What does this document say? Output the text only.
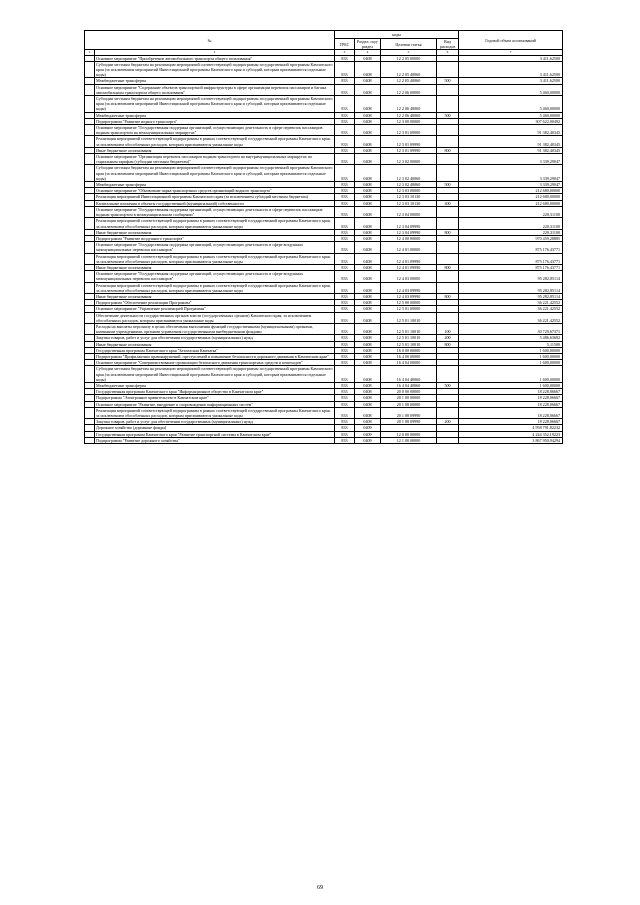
№		коды				Годовой объем ассигнований
		ГРБС	Раздел, под-раздел	Целевая статья	Вид расходов	
1	2	3	4	5	6	7
	Основное мероприятие "Приобретение автомобильного транспорта общего пользования"	833	0408	12 2 05 00000		3 411,62500
	Субсидии местным бюджетам на реализацию мероприятий соответствующей подпрограммы государственной программы Камчатского края (за исключением мероприятий Инвестиционной программы Камчатского края и субсидий, которым присваиваются отдельные коды)	833	0408	12 2 05 40060		3 411,62500
	Межбюджетные трансферты	833	0408	12 2 05 40060	500	3 411,62500
	Основное мероприятие "Содержание объектов транспортной инфраструктуры в сфере организации перевозок пассажиров и багажа автомобильным транспортом общего пользования"	833	0408	12 2 06 00000		5 460,00000
	Субсидии местным бюджетам на реализацию мероприятий соответствующей подпрограммы государственной программы Камчатского края (за исключением мероприятий Инвестиционной программы Камчатского края и субсидий, которым присваиваются отдельные коды)	833	0408	12 2 06 40060		5 460,00000
	Межбюджетные трансферты	833	0408	12 2 06 40060	500	5 460,00000
	Подпрограмма "Развитие водного транспорта"	833	0408	12 3 00 00000		307 622,00492
	Основное мероприятие "Государственная поддержка организаций, осуществляющих деятельность в сфере перевозок пассажиров водным транспортом на межмуниципальных маршрутах"	833	0408	12 3 01 00000		91 382,40345
	Реализация мероприятий соответствующей подпрограммы в рамках соответствующей государственной программы Камчатского края, за исключением обособленных расходов, которым присваиваются уникальные коды	833	0408	12 3 01 09990		91 382,40345
	Иные бюджетные ассигнования	833	0408	12 3 01 09990	800	91 382,40345
	Основное мероприятие "Организация перевозок пассажиров водным транспортом на внутримуниципальных маршрутах по социальным тарифам (субсидии местным бюджетам)"	833	0408	12 3 02 00000		3 339,29047
	Субсидии местным бюджетам на реализацию мероприятий соответствующей подпрограммы государственной программы Камчатского края (за исключением мероприятий Инвестиционной программы Камчатского края и субсидий, которым присваиваются отдельные коды)	833	0408	12 3 02 40060		3 339,29047
	Межбюджетные трансферты	833	0408	12 3 02 40060	500	3 339,29047
	Основное мероприятие "Обновление парка транспортных средств организаций водного транспорта"	833	0408	12 3 03 00000		212 680,00000
	Реализация мероприятий Инвестиционной программы Камчатского края (за исключением субсидий местным бюджетам)	833	0408	12 3 03 10130		212 680,00000
	Капитальные вложения в объекты государственной (муниципальной) собственности	833	0408	12 3 03 10130	400	212 680,00000
	Основное мероприятие "Государственная поддержка организаций, осуществляющих деятельность в сфере перевозок пассажиров водным транспортом в межмуниципальном сообщении"	833	0408	12 3 04 00000		220,31100
	Реализация мероприятий соответствующей подпрограммы в рамках соответствующей государственной программы Камчатского края, за исключением обособленных расходов, которым присваиваются уникальные коды	833	0408	12 3 04 09990		220,31100
	Иные бюджетные ассигнования	833	0408	12 3 04 09990	800	220,31100
	Подпрограмма "Развитие воздушного транспорта"	833	0408	12 4 00 00000		970 459,28885
	Основное мероприятие "Государственная поддержка организаций, осуществляющих деятельность в сфере воздушных межмуниципальных перевозок пассажиров"	833	0408	12 4 01 00000		875 176,43771
	Реализация мероприятий соответствующей подпрограммы в рамках соответствующей государственной программы Камчатского края, за исключением обособленных расходов, которым присваиваются уникальные коды	833	0408	12 4 01 09990		875 176,43771
	Иные бюджетные ассигнования	833	0408	12 4 01 09990	800	875 176,43771
	Основное мероприятие "Государственная поддержка организаций, осуществляющих деятельность в сфере воздушных межмуниципальных перевозок пассажиров"	833	0408	12 4 03 00000		95 282,85114
	Реализация мероприятий соответствующей подпрограммы в рамках соответствующей государственной программы Камчатского края, за исключением обособленных расходов, которым присваиваются уникальные коды	833	0408	12 4 03 09990		95 282,85114
	Иные бюджетные ассигнования	833	0408	12 4 03 09990	800	95 282,85114
	Подпрограмма "Обеспечение реализации Программы"	833	0408	12 5 00 00000		36 221,42552
	Основное мероприятие "Управление реализацией Программы"	833	0408	12 5 01 00000		36 221,42552
	Обеспечение деятельности государственных органов власти (государственных органов) Камчатского края, за исключением обособленных расходов, которым присваиваются уникальные коды	833	0408	12 5 01 10010		36 221,42552
	Расходы на выплаты персоналу в целях обеспечения выполнения функций государственными (муниципальными) органами, казенными учреждениями, органами управления государственными внебюджетными фондами	833	0408	12 5 01 10010	100	30 729,67371
	Закупка товаров, работ и услуг для обеспечения государственных (муниципальных) нужд	833	0408	12 5 01 10010	200	5 486,63682
	Иные бюджетные ассигнования	833	0408	12 5 01 10010	800	5,11500
	Государственная программа Камчатского края "Безопасная Камчатка"	833	0408	16 0 00 00000		1 600,00000
	Подпрограмма "Профилактика правонарушений, преступлений и повышение безопасности дорожного движения в Камчатском крае"	833	0408	16 4 00 00000		1 600,00000
	Основное мероприятие "Совершенствование организации безопасного движения транспортных средств и пешеходов"	833	0408	16 4 04 00000		1 600,00000
	Субсидии местным бюджетам на реализацию мероприятий соответствующей подпрограммы государственной программы Камчатского края (за исключением мероприятий Инвестиционной программы Камчатского края и субсидий, которым присваиваются отдельные коды)	833	0408	16 4 04 40060		1 600,00000
	Межбюджетные трансферты	833	0408	16 4 04 40060	500	1 600,00000
	Государственная программа Камчатского края "Информационное общество в Камчатском крае"	833	0408	20 0 00 00000		18 228,06667
	Подпрограмма "Электронное правительство в Камчатском крае"	833	0408	20 1 00 00000		18 228,06667
	Основное мероприятие "Развитие, внедрение и сопровождение информационных систем"	833	0408	20 1 08 00000		18 228,06667
	Реализация мероприятий соответствующей подпрограммы в рамках соответствующей государственной программы Камчатского края, за исключением обособленных расходов, которым присваиваются уникальные коды	833	0408	20 1 08 09990		18 228,06667
	Закупка товаров, работ и услуг для обеспечения государственных (муниципальных) нужд	833	0408	20 1 08 09990	200	18 228,06667
	Дорожное хозяйство (дорожные фонды)	833	0409			4 958 791,82232
	Государственная программа Камчатского края "Развитие транспортной системы в Камчатском крае"	833	0409	12 0 00 00000		4 244 352,19223
	Подпрограмма "Развитие дорожного хозяйства"	833	0409	12 1 00 00000		3 867 950,94294
69
